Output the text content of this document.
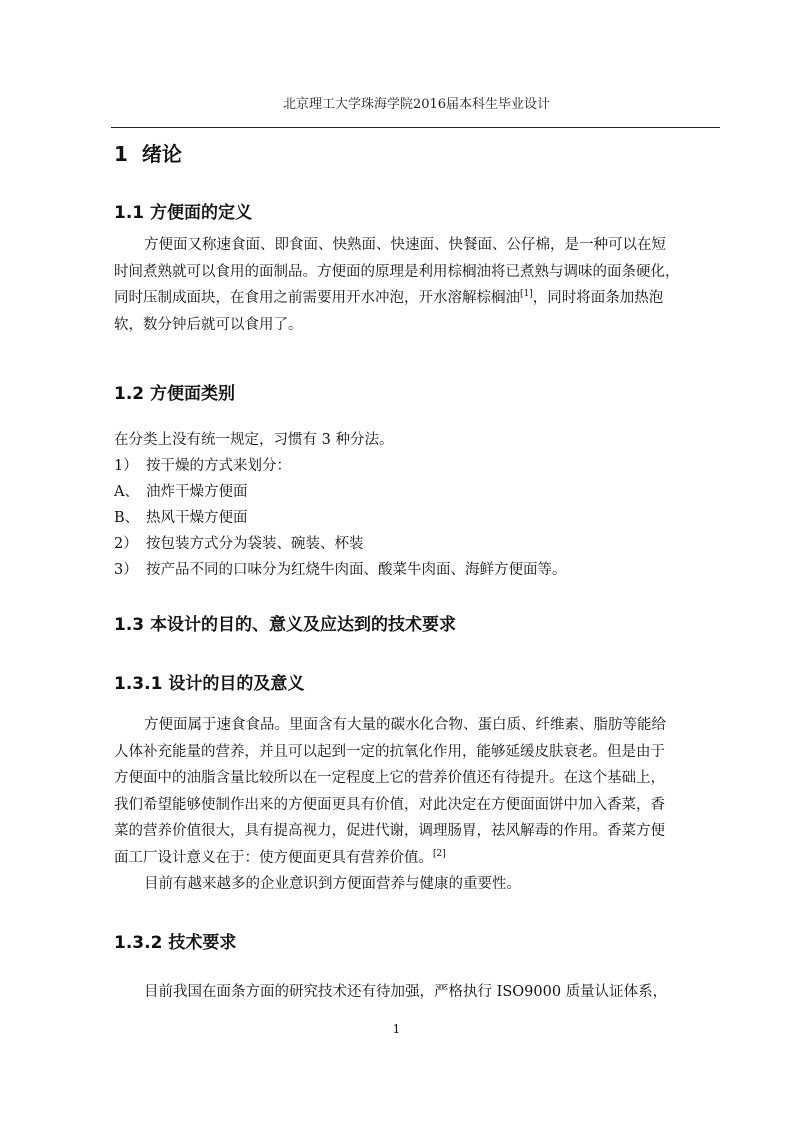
北京理工大学珠海学院2016届本科生毕业设计
1 绪论
1.1 方便面的定义
方便面又称速食面、即食面、快熟面、快速面、快餐面、公仔棉，是一种可以在短
时间煮熟就可以食用的面制品。方便面的原理是利用棕榈油将已煮熟与调味的面条硬化，
同时压制成面块，在食用之前需要用开水冲泡，开水溶解棕榈油[1]，同时将面条加热泡
软，数分钟后就可以食用了。
1.2 方便面类别
在分类上没有统一规定，习惯有 3 种分法。
1） 按干燥的方式来划分：
A、 油炸干燥方便面
B、 热风干燥方便面
2） 按包装方式分为袋装、碗装、杯装
3） 按产品不同的口味分为红烧牛肉面、酸菜牛肉面、海鲜方便面等。
1.3 本设计的目的、意义及应达到的技术要求
1.3.1 设计的目的及意义
方便面属于速食食品。里面含有大量的碳水化合物、蛋白质、纤维素、脂肪等能给
人体补充能量的营养，并且可以起到一定的抗氧化作用，能够延缓皮肤衰老。但是由于
方便面中的油脂含量比较所以在一定程度上它的营养价值还有待提升。在这个基础上，
我们希望能够使制作出来的方便面更具有价值，对此决定在方便面面饼中加入香菜，香
菜的营养价值很大，具有提高视力，促进代谢，调理肠胃，祛风解毒的作用。香菜方便
面工厂设计意义在于：使方便面更具有营养价值。[2]
目前有越来越多的企业意识到方便面营养与健康的重要性。
1.3.2 技术要求
目前我国在面条方面的研究技术还有待加强，严格执行 ISO9000 质量认证体系，
1
